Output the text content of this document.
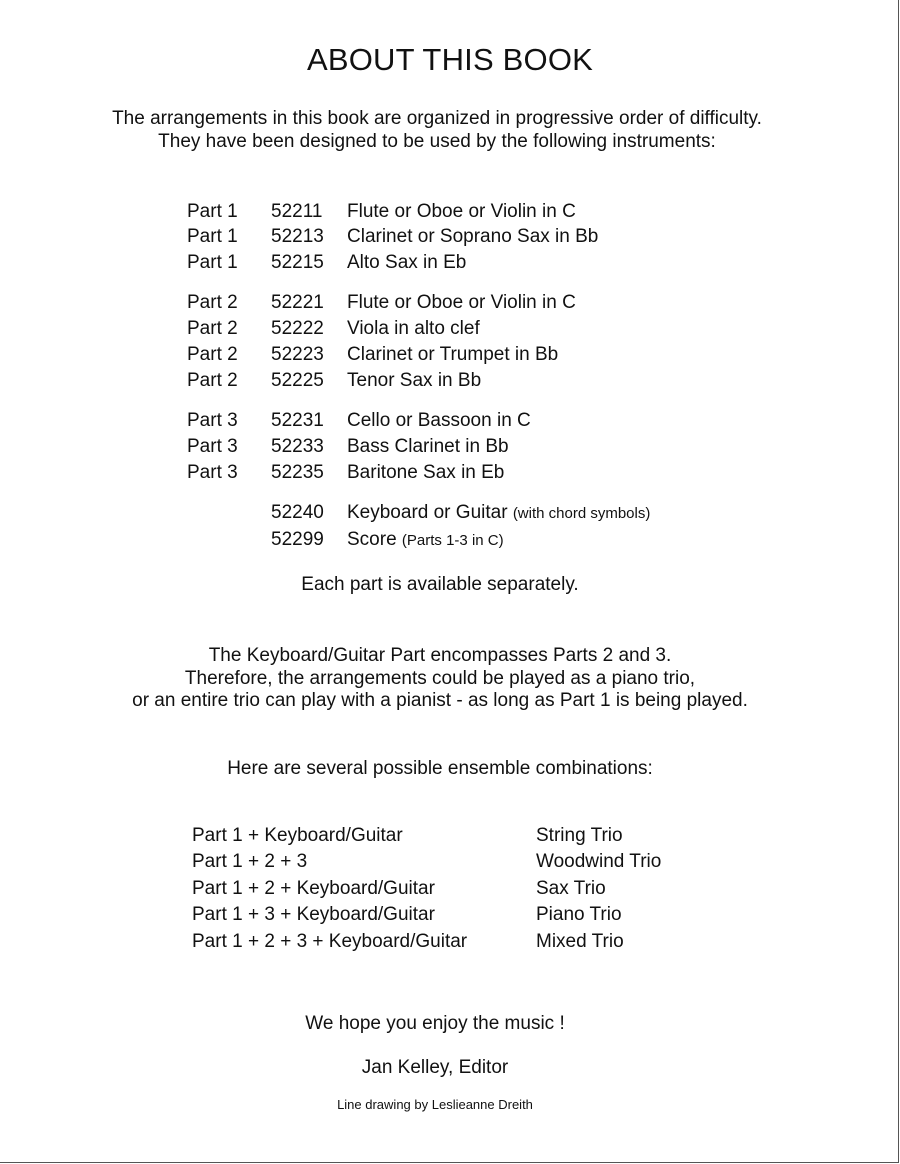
ABOUT THIS BOOK
The arrangements in this book are organized in progressive order of difficulty.
They have been designed to be used by the following instruments:
Part 1 52211 Flute or Oboe or Violin in C
Part 1 52213 Clarinet or Soprano Sax in Bb
Part 1 52215 Alto Sax in Eb
Part 2 52221 Flute or Oboe or Violin in C
Part 2 52222 Viola in alto clef
Part 2 52223 Clarinet or Trumpet in Bb
Part 2 52225 Tenor Sax in Bb
Part 3 52231 Cello or Bassoon in C
Part 3 52233 Bass Clarinet in Bb
Part 3 52235 Baritone Sax in Eb
52240 Keyboard or Guitar (with chord symbols)
52299 Score (Parts 1-3 in C)
Each part is available separately.
The Keyboard/Guitar Part encompasses Parts 2 and 3.
Therefore, the arrangements could be played as a piano trio,
or an entire trio can play with a pianist - as long as Part 1 is being played.
Here are several possible ensemble combinations:
Part 1 + Keyboard/Guitar	String Trio
Part 1 + 2 + 3	Woodwind Trio
Part 1 + 2 + Keyboard/Guitar	Sax Trio
Part 1 + 3 + Keyboard/Guitar	Piano Trio
Part 1 + 2 + 3 + Keyboard/Guitar	Mixed Trio
We hope you enjoy the music !
Jan Kelley, Editor
Line drawing by Leslieanne Dreith
